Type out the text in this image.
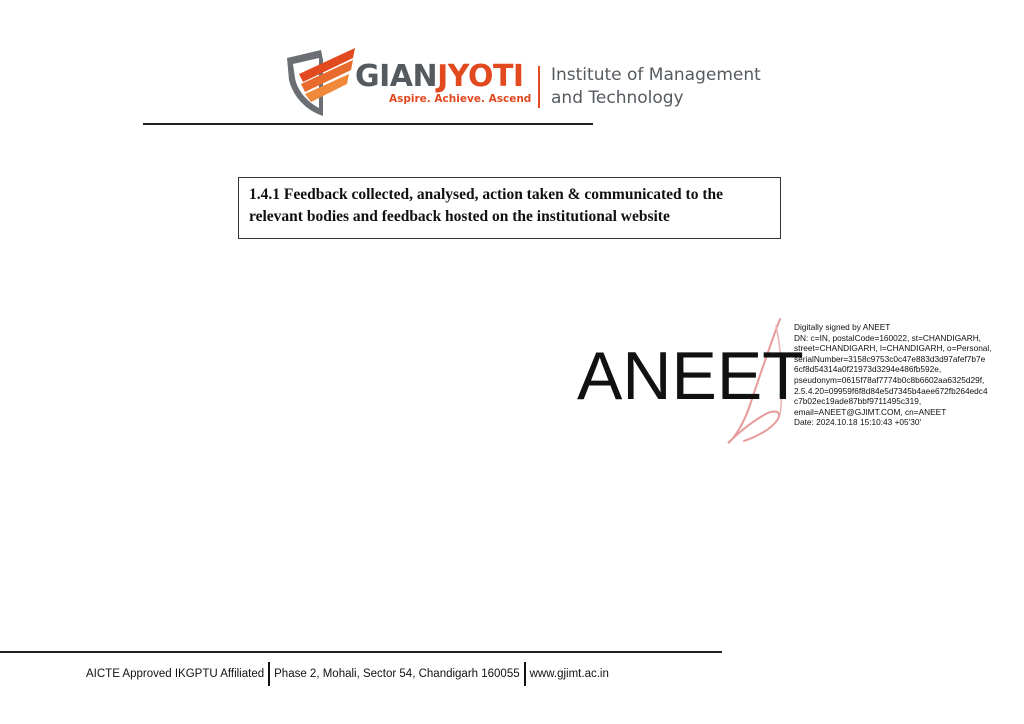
GIANJYOTI
Aspire. Achieve. Ascend
Institute of Management
and Technology
1.4.1 Feedback collected, analysed, action taken & communicated to the relevant bodies and feedback hosted on the institutional website
ANEET
Digitally signed by ANEET
DN: c=IN, postalCode=160022, st=CHANDIGARH,
street=CHANDIGARH, l=CHANDIGARH, o=Personal,
serialNumber=3158c9753c0c47e883d3d97afef7b7e
6cf8d54314a0f21973d3294e486fb592e,
pseudonym=0615f78af7774b0c8b6602aa6325d29f,
2.5.4.20=09959f6f8d84e5d7345b4aee672fb264edc4
c7b02ec19ade87bbf9711495c319,
email=ANEET@GJIMT.COM, cn=ANEET
Date: 2024.10.18 15:10:43 +05'30'
AICTE Approved IKGPTU Affiliated Phase 2, Mohali, Sector 54, Chandigarh 160055 www.gjimt.ac.in
